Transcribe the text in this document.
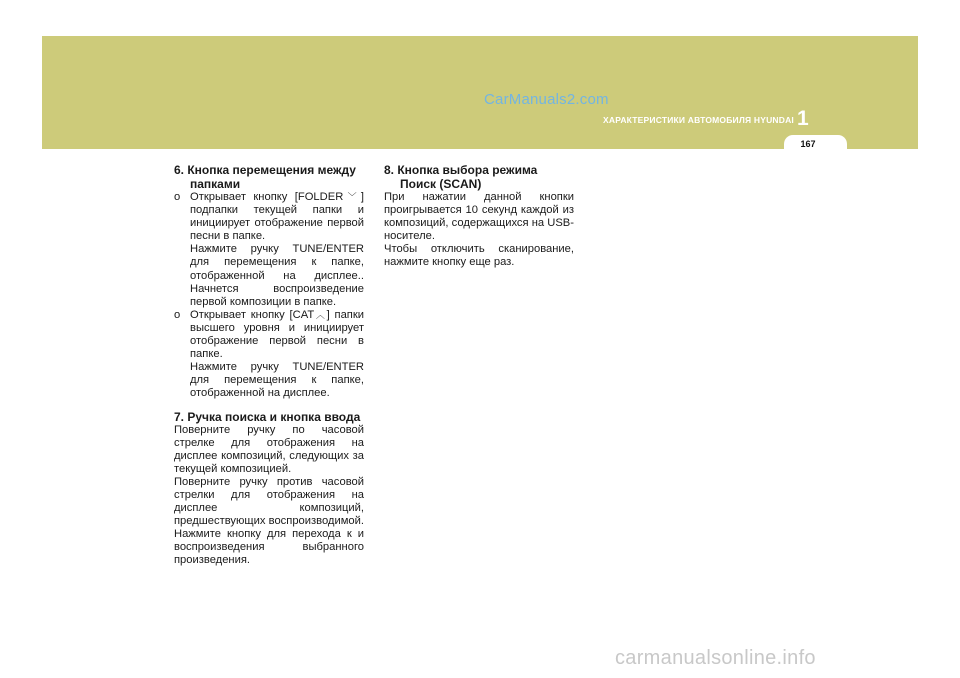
CarManuals2.com
ХАРАКТЕРИСТИКИ АВТОМОБИЛЯ HYUNDAI 1
167

6. Кнопка перемещения между
папками

o Открывает кнопку [FOLDER﹀] подпапки текущей папки и инициирует отображение первой песни в папке.

Нажмите ручку TUNE/ENTER для перемещения к папке, отображенной на дисплее.. Начнется воспроизведение первой композиции в папке.

o Открывает кнопку [CAT︿] папки высшего уровня и инициирует отображение первой песни в папке.

Нажмите ручку TUNE/ENTER для перемещения к папке, отображенной на дисплее.

7. Ручка поиска и кнопка ввода

Поверните ручку по часовой стрелке для отображения на дисплее композиций, следующих за текущей композицией.

Поверните ручку против часовой стрелки для отображения на дисплее композиций, предшествующих воспроизводимой. Нажмите кнопку для перехода к и воспроизведения выбранного произведения.

8. Кнопка выбора режима
Поиск (SCAN)

При нажатии данной кнопки проигрывается 10 секунд каждой из композиций, содержащихся на USB-носителе.

Чтобы отключить сканирование, нажмите кнопку еще раз.

carmanualsonline.info
